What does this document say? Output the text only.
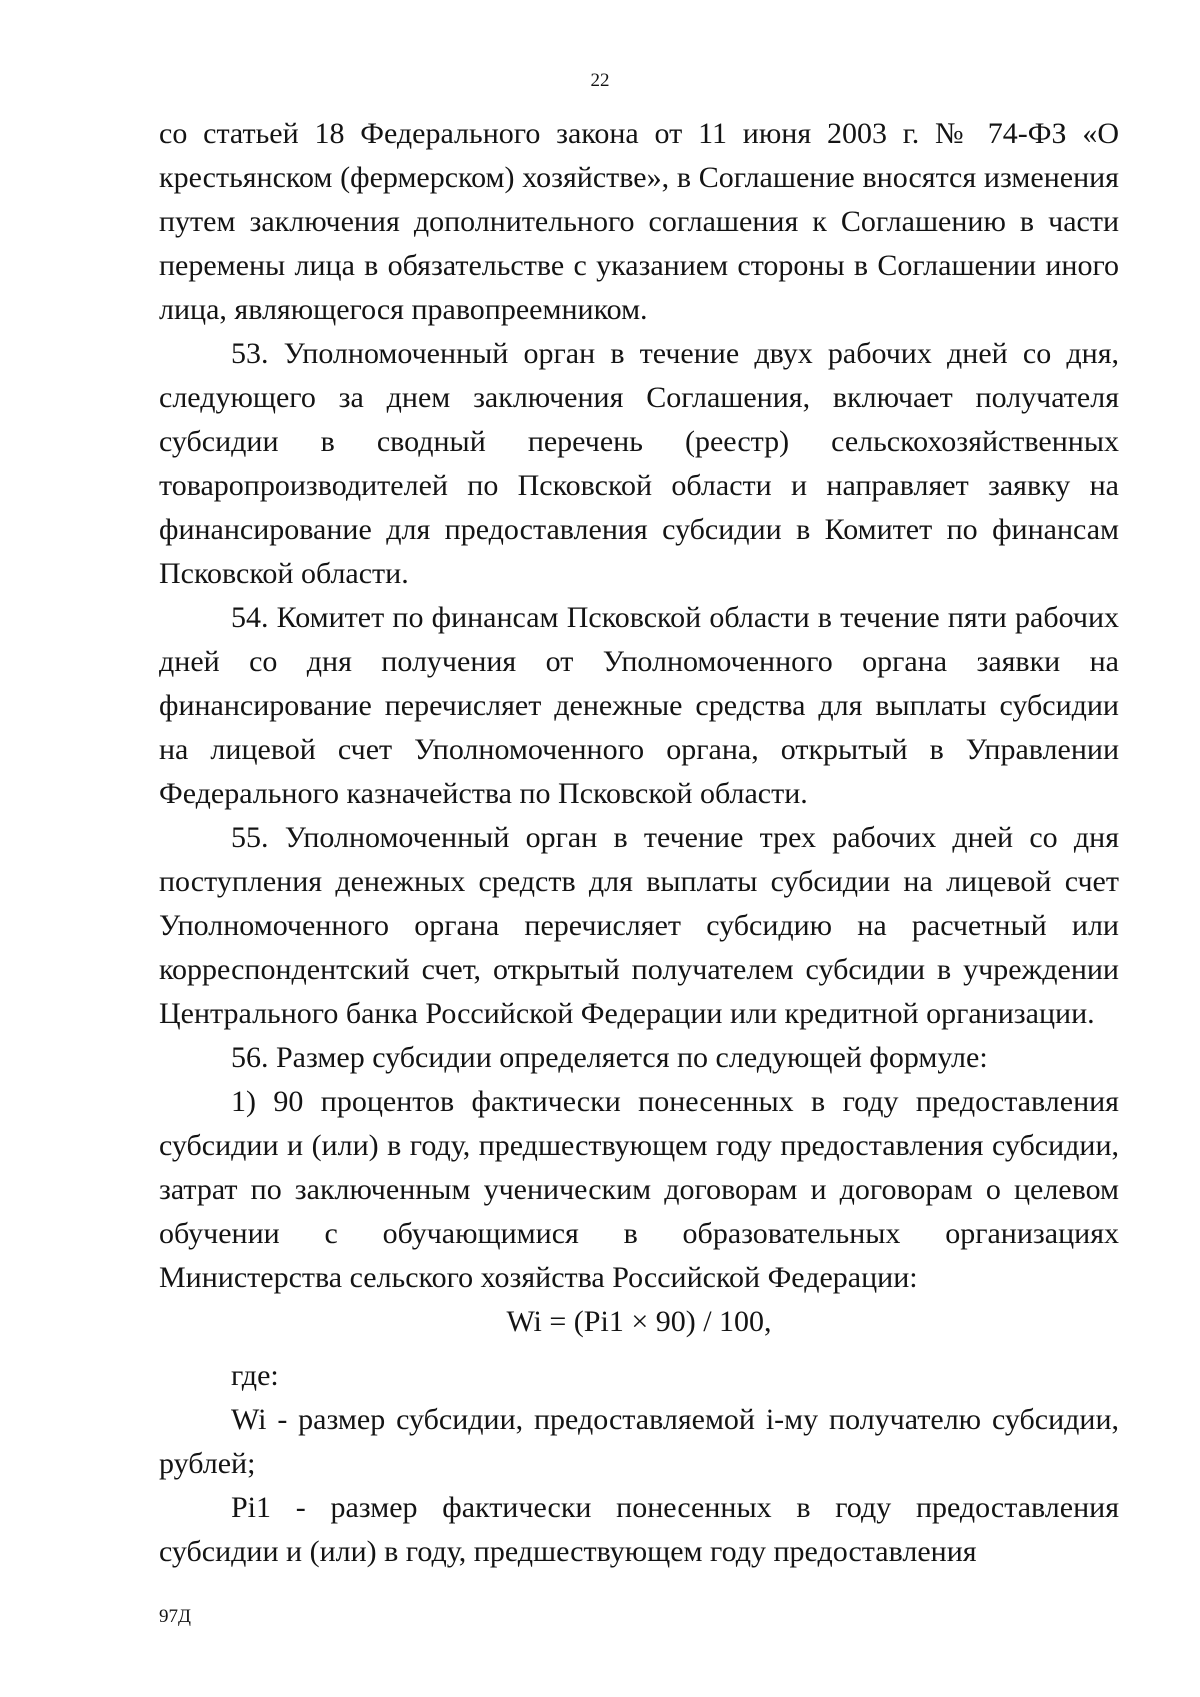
22

со статьей 18 Федерального закона от 11 июня 2003 г. № 74-ФЗ «О крестьянском (фермерском) хозяйстве», в Соглашение вносятся изменения путем заключения дополнительного соглашения к Соглашению в части перемены лица в обязательстве с указанием стороны в Соглашении иного лица, являющегося правопреемником.

53. Уполномоченный орган в течение двух рабочих дней со дня, следующего за днем заключения Соглашения, включает получателя субсидии в сводный перечень (реестр) сельскохозяйственных товаропроизводителей по Псковской области и направляет заявку на финансирование для предоставления субсидии в Комитет по финансам Псковской области.

54. Комитет по финансам Псковской области в течение пяти рабочих дней со дня получения от Уполномоченного органа заявки на финансирование перечисляет денежные средства для выплаты субсидии на лицевой счет Уполномоченного органа, открытый в Управлении Федерального казначейства по Псковской области.

55. Уполномоченный орган в течение трех рабочих дней со дня поступления денежных средств для выплаты субсидии на лицевой счет Уполномоченного органа перечисляет субсидию на расчетный или корреспондентский счет, открытый получателем субсидии в учреждении Центрального банка Российской Федерации или кредитной организации.

56. Размер субсидии определяется по следующей формуле:

1) 90 процентов фактически понесенных в году предоставления субсидии и (или) в году, предшествующем году предоставления субсидии, затрат по заключенным ученическим договорам и договорам о целевом обучении с обучающимися в образовательных организациях Министерства сельского хозяйства Российской Федерации:

Wi = (Pi1 × 90) / 100,

где:

Wi - размер субсидии, предоставляемой i-му получателю субсидии, рублей;

Pi1 - размер фактически понесенных в году предоставления субсидии и (или) в году, предшествующем году предоставления

97Д
